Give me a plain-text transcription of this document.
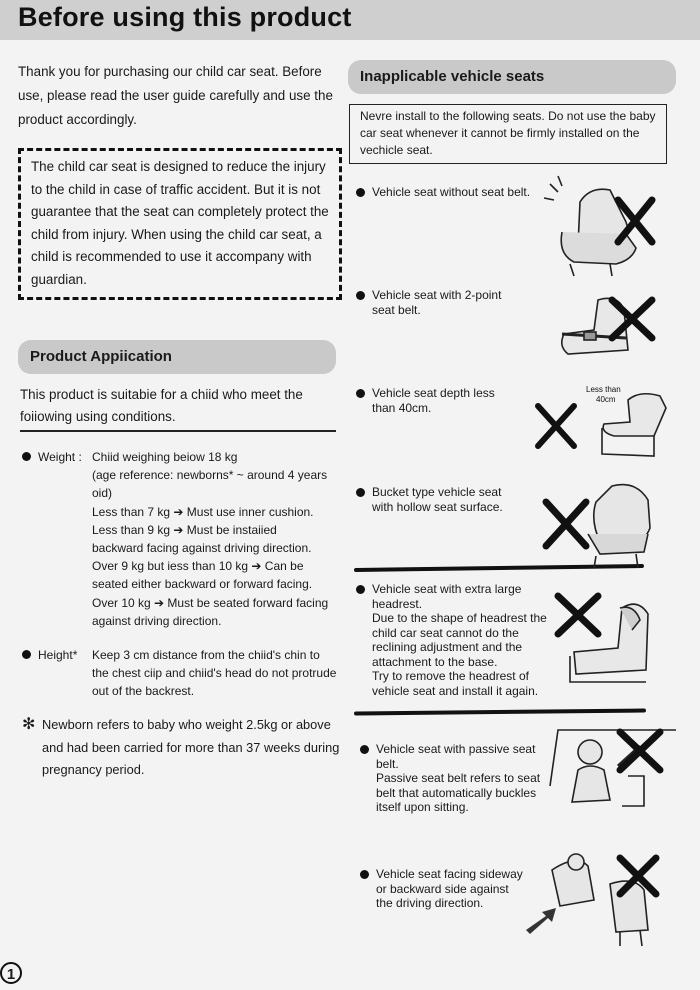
Before using this product
Thank you for purchasing our child car seat. Before use, please read the user guide carefully and use the product accordingly.
The child car seat is designed to reduce the injury to the child in case of traffic accident. But it is not guarantee that the seat can completely protect the child from injury. When using the child car seat, a child is recommended to use it accompany with guardian.
Product Appiication
This product is suitabie for a chiid who meet the foiiowing using conditions.
Weight : Chiid weighing beiow 18 kg
(age reference: newborns* ~ around 4 years
oid)
Less than 7 kg ➔ Must use inner cushion.
Less than 9 kg ➔ Must be instaiied
backward facing against driving direction.
Over 9 kg but iess than 10 kg ➔ Can be
seated either backward or forward facing.
Over 10 kg ➔ Must be seated forward facing
against driving direction.
Height* Keep 3 cm distance from the chiid's chin to
the chest ciip and chiid's head do not protrude
out of the backrest.
✻ Newborn refers to baby who weight 2.5kg or above
and had been carried for more than 37 weeks during
pregnancy period.
Inapplicable vehicle seats
Nevre install to the following seats. Do not use the baby car seat whenever it cannot be firmly installed on the vechicle seat.
Vehicle seat without seat belt.
Vehicle seat with 2-point
seat belt.
Vehicle seat depth less
than 40cm.
Bucket type vehicle seat
with hollow seat surface.
Vehicle seat with extra large
headrest.
Due to the shape of headrest the
child car seat cannot do the
reclining adjustment and the
attachment to the base.
Try to remove the headrest of
vehicle seat and install it again.
Vehicle seat with passive seat
belt.
Passive seat belt refers to seat
belt that automatically buckles
itself upon sitting.
Vehicle seat facing sideway
or backward side against
the driving direction.
Less than
40cm
1
